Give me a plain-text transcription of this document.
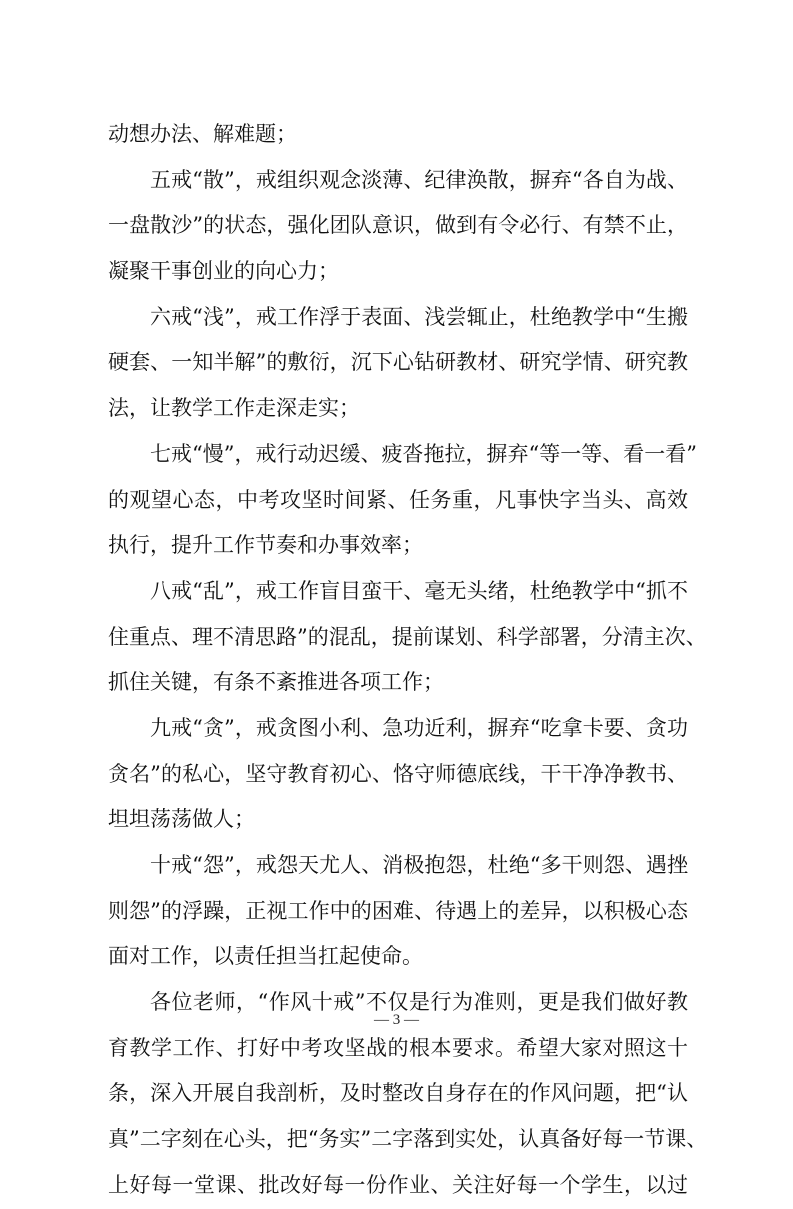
动想办法、解难题；
五戒“散”，戒组织观念淡薄、纪律涣散，摒弃“各自为战、
一盘散沙”的状态，强化团队意识，做到有令必行、有禁不止，
凝聚干事创业的向心力；
六戒“浅”，戒工作浮于表面、浅尝辄止，杜绝教学中“生搬
硬套、一知半解”的敷衍，沉下心钻研教材、研究学情、研究教
法，让教学工作走深走实；
七戒“慢”，戒行动迟缓、疲沓拖拉，摒弃“等一等、看一看”
的观望心态，中考攻坚时间紧、任务重，凡事快字当头、高效
执行，提升工作节奏和办事效率；
八戒“乱”，戒工作盲目蛮干、毫无头绪，杜绝教学中“抓不
住重点、理不清思路”的混乱，提前谋划、科学部署，分清主次、
抓住关键，有条不紊推进各项工作；
九戒“贪”，戒贪图小利、急功近利，摒弃“吃拿卡要、贪功
贪名”的私心，坚守教育初心、恪守师德底线，干干净净教书、
坦坦荡荡做人；
十戒“怨”，戒怨天尤人、消极抱怨，杜绝“多干则怨、遇挫
则怨”的浮躁，正视工作中的困难、待遇上的差异，以积极心态
面对工作，以责任担当扛起使命。
各位老师，“作风十戒”不仅是行为准则，更是我们做好教
育教学工作、打好中考攻坚战的根本要求。希望大家对照这十
条，深入开展自我剖析，及时整改自身存在的作风问题，把“认
真”二字刻在心头，把“务实”二字落到实处，认真备好每一节课、
上好每一堂课、批改好每一份作业、关注好每一个学生，以过
— 3 —
